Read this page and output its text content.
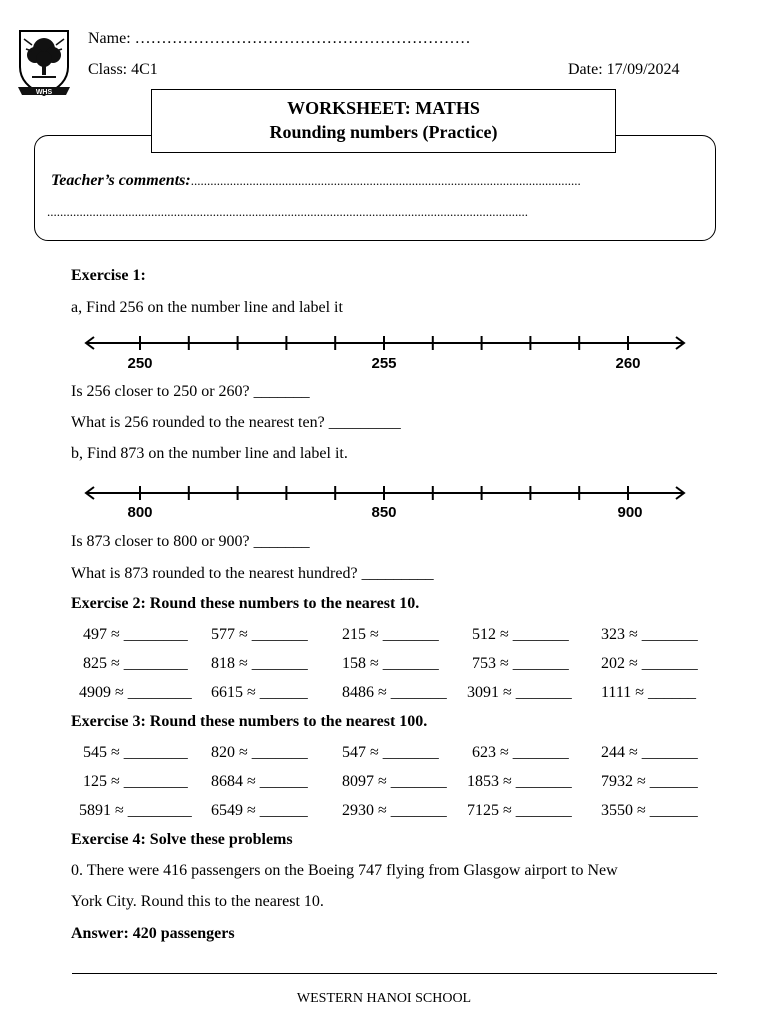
WHS
Name: ………………………………………………………
Class: 4C1	Date: 17/09/2024
WORKSHEET: MATHS
Rounding numbers (Practice)
Teacher’s comments:........................................................................................................................
....................................................................................................................................................
Exercise 1:
a, Find 256 on the number line and label it
250	255	260
Is 256 closer to 250 or 260? _______
What is 256 rounded to the nearest ten? _________
b, Find 873 on the number line and label it.
800	850	900
Is 873 closer to 800 or 900? _______
What is 873 rounded to the nearest hundred? _________
Exercise 2: Round these numbers to the nearest 10.
497 ≈ ________ 577 ≈ _______ 215 ≈ _______ 512 ≈ _______ 323 ≈ _______
825 ≈ ________ 818 ≈ _______ 158 ≈ _______ 753 ≈ _______ 202 ≈ _______
4909 ≈ ________ 6615 ≈ ______ 8486 ≈ _______ 3091 ≈ _______ 1111 ≈ ______
Exercise 3: Round these numbers to the nearest 100.
545 ≈ ________ 820 ≈ _______ 547 ≈ _______ 623 ≈ _______ 244 ≈ _______
125 ≈ ________ 8684 ≈ ______ 8097 ≈ _______ 1853 ≈ _______ 7932 ≈ ______
5891 ≈ ________ 6549 ≈ ______ 2930 ≈ _______ 7125 ≈ _______ 3550 ≈ ______
Exercise 4: Solve these problems
0. There were 416 passengers on the Boeing 747 flying from Glasgow airport to New
York City. Round this to the nearest 10.
Answer: 420 passengers
WESTERN HANOI SCHOOL
